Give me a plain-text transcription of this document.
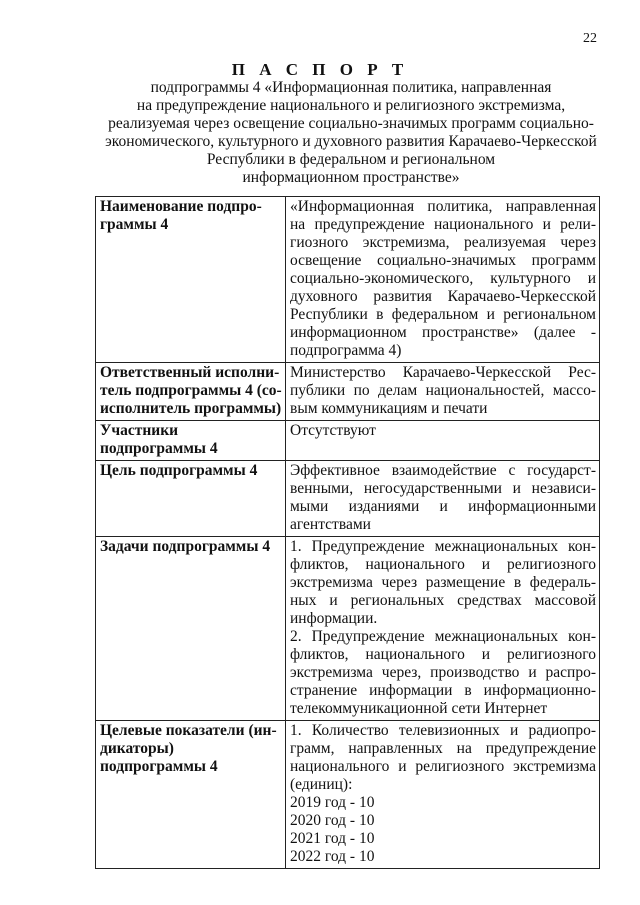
22
П А С П О Р Т
подпрограммы 4 «Информационная политика, направленная
на предупреждение национального и религиозного экстремизма,
реализуемая через освещение социально-значимых программ социально-
экономического, культурного и духовного развития Карачаево-Черкесской
Республики в федеральном и региональном
информационном пространстве»
Наименование подпро-граммы 4	«Информационная политика, направленная на предупреждение национального и рели-гиозного экстремизма, реализуемая через освещение социально-значимых программ социально-экономического, культурного и духовного развития Карачаево-Черкесской Республики в федеральном и региональном информационном пространстве» (далее - подпрограмма 4)
Ответственный исполни-тель подпрограммы 4 (со-исполнитель программы)	Министерство Карачаево-Черкесской Рес-публики по делам национальностей, массо-вым коммуникациям и печати
Участники подпрограммы 4	Отсутствуют
Цель подпрограммы 4	Эффективное взаимодействие с государст-венными, негосударственными и независи-мыми изданиями и информационными агентствами
Задачи подпрограммы 4	1. Предупреждение межнациональных кон-фликтов, национального и религиозного экстремизма через размещение в федераль-ных и региональных средствах массовой информации.
2. Предупреждение межнациональных кон-фликтов, национального и религиозного экстремизма через, производство и распро-странение информации в информационно-телекоммуникационной сети Интернет

Целевые показатели (ин-дикаторы) подпрограммы 4	1. Количество телевизионных и радиопро-грамм, направленных на предупреждение национального и религиозного экстремизма (единиц):
2019 год - 10
2020 год - 10
2021 год - 10
2022 год - 10
